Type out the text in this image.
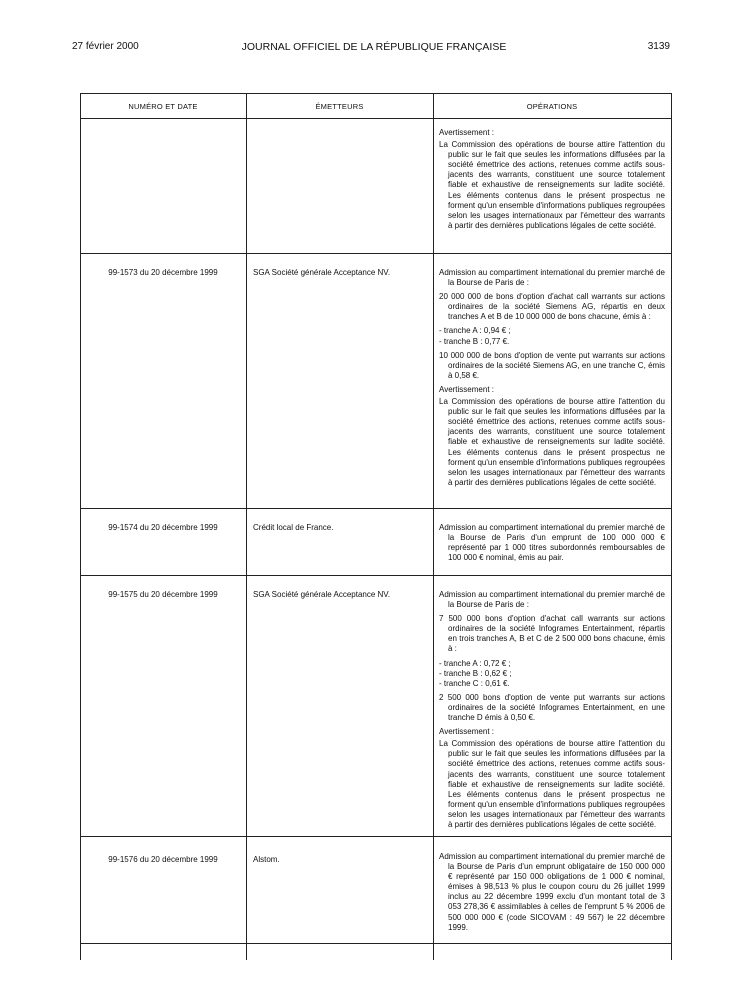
27 février 2000	JOURNAL OFFICIEL DE LA RÉPUBLIQUE FRANÇAISE	3139
NUMÉRO ET DATE	ÉMETTEURS	OPÉRATIONS

Avertissement :

La Commission des opérations de bourse attire l'attention du public sur le fait que seules les informations diffusées par la société émettrice des actions, retenues comme actifs sous-jacents des warrants, constituent une source totalement fiable et exhaustive de renseignements sur ladite société. Les éléments contenus dans le présent prospectus ne forment qu'un ensemble d'informations publiques regroupées selon les usages internationaux par l'émetteur des warrants à partir des dernières publications légales de cette société.

99-1573 du 20 décembre 1999	SGA Société générale Acceptance NV.	Admission au compartiment international du premier marché de la Bourse de Paris de :

20 000 000 de bons d'option d'achat call warrants sur actions ordinaires de la société Siemens AG, répartis en deux tranches A et B de 10 000 000 de bons chacune, émis à :

- tranche A : 0,94 € ;

- tranche B : 0,77 €.

10 000 000 de bons d'option de vente put warrants sur actions ordinaires de la société Siemens AG, en une tranche C, émis à 0,58 €.

Avertissement :

La Commission des opérations de bourse attire l'attention du public sur le fait que seules les informations diffusées par la société émettrice des actions, retenues comme actifs sous-jacents des warrants, constituent une source totalement fiable et exhaustive de renseignements sur ladite société. Les éléments contenus dans le présent prospectus ne forment qu'un ensemble d'informations publiques regroupées selon les usages internationaux par l'émetteur des warrants à partir des dernières publications légales de cette société.

99-1574 du 20 décembre 1999	Crédit local de France.	Admission au compartiment international du premier marché de la Bourse de Paris d'un emprunt de 100 000 000 € représenté par 1 000 titres subordonnés remboursables de 100 000 € nominal, émis au pair.

99-1575 du 20 décembre 1999	SGA Société générale Acceptance NV.	Admission au compartiment international du premier marché de la Bourse de Paris de :

7 500 000 bons d'option d'achat call warrants sur actions ordinaires de la société Infogrames Entertainment, répartis en trois tranches A, B et C de 2 500 000 bons chacune, émis à :

- tranche A : 0,72 € ;

- tranche B : 0,62 € ;

- tranche C : 0,61 €.

2 500 000 bons d'option de vente put warrants sur actions ordinaires de la société Infogrames Entertainment, en une tranche D émis à 0,50 €.

Avertissement :

La Commission des opérations de bourse attire l'attention du public sur le fait que seules les informations diffusées par la société émettrice des actions, retenues comme actifs sous-jacents des warrants, constituent une source totalement fiable et exhaustive de renseignements sur ladite société. Les éléments contenus dans le présent prospectus ne forment qu'un ensemble d'informations publiques regroupées selon les usages internationaux par l'émetteur des warrants à partir des dernières publications légales de cette société.

99-1576 du 20 décembre 1999	Alstom.	Admission au compartiment international du premier marché de la Bourse de Paris d'un emprunt obligataire de 150 000 000 € représenté par 150 000 obligations de 1 000 € nominal, émises à 98,513 % plus le coupon couru du 26 juillet 1999 inclus au 22 décembre 1999 exclu d'un montant total de 3 053 278,36 € assimilables à celles de l'emprunt 5 % 2006 de 500 000 000 € (code SICOVAM : 49 567) le 22 décembre 1999.
